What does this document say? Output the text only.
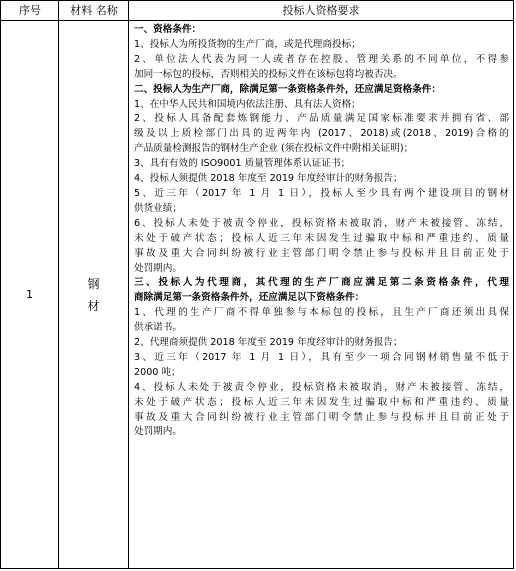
序号	材料 名称	投标人资格要求
1
钢
材
一、资格条件：
1、投标人为所投货物的生产厂商，或是代理商投标；
2、单位法人代表为同一人或者存在控股、管理关系的不同单位，不得参
加同一标包的投标，否则相关的投标文件在该标包将均被否决。
二、投标人为生产厂商，除满足第一条资格条件外，还应满足资格条件：
1、在中华人民共和国境内依法注册、具有法人资格；
2、投标人具备配套炼钢能力、产品质量满足国家标准要求并拥有省、部
级及以上质检部门出具的近两年内 (2017、2018)或(2018、2019)合格的
产品质量检测报告的钢材生产企业 (须在投标文件中附相关证明)；
3、具有有效的 ISO9001 质量管理体系认证证书；
4、投标人须提供 2018 年度至 2019 年度经审计的财务报告；
5、近三年（2017 年 1 月 1 日），投标人至少具有两个建设项目的钢材
供货业绩；
6、投标人未处于被责令停业，投标资格未被取消，财产未被接管、冻结，
未处于破产状态；投标人近三年未因发生过骗取中标和严重违约、质量
事故及重大合同纠纷被行业主管部门明令禁止参与投标并且目前正处于
处罚期内。
三、投标人为代理商，其代理的生产厂商应满足第二条资格条件，代理
商除满足第一条资格条件外，还应满足以下资格条件：
1、代理的生产厂商不得单独参与本标包的投标，且生产厂商还须出具保
供承诺书。
2、代理商须提供 2018 年度至 2019 年度经审计的财务报告；
3、近三年（2017 年 1 月 1 日），具有至少一项合同钢材销售量不低于
2000 吨；
4、投标人未处于被责令停业，投标资格未被取消，财产未被接管、冻结，
未处于破产状态；投标人近三年未因发生过骗取中标和严重违约、质量
事故及重大合同纠纷被行业主管部门明令禁止参与投标并且目前正处于
处罚期内。
